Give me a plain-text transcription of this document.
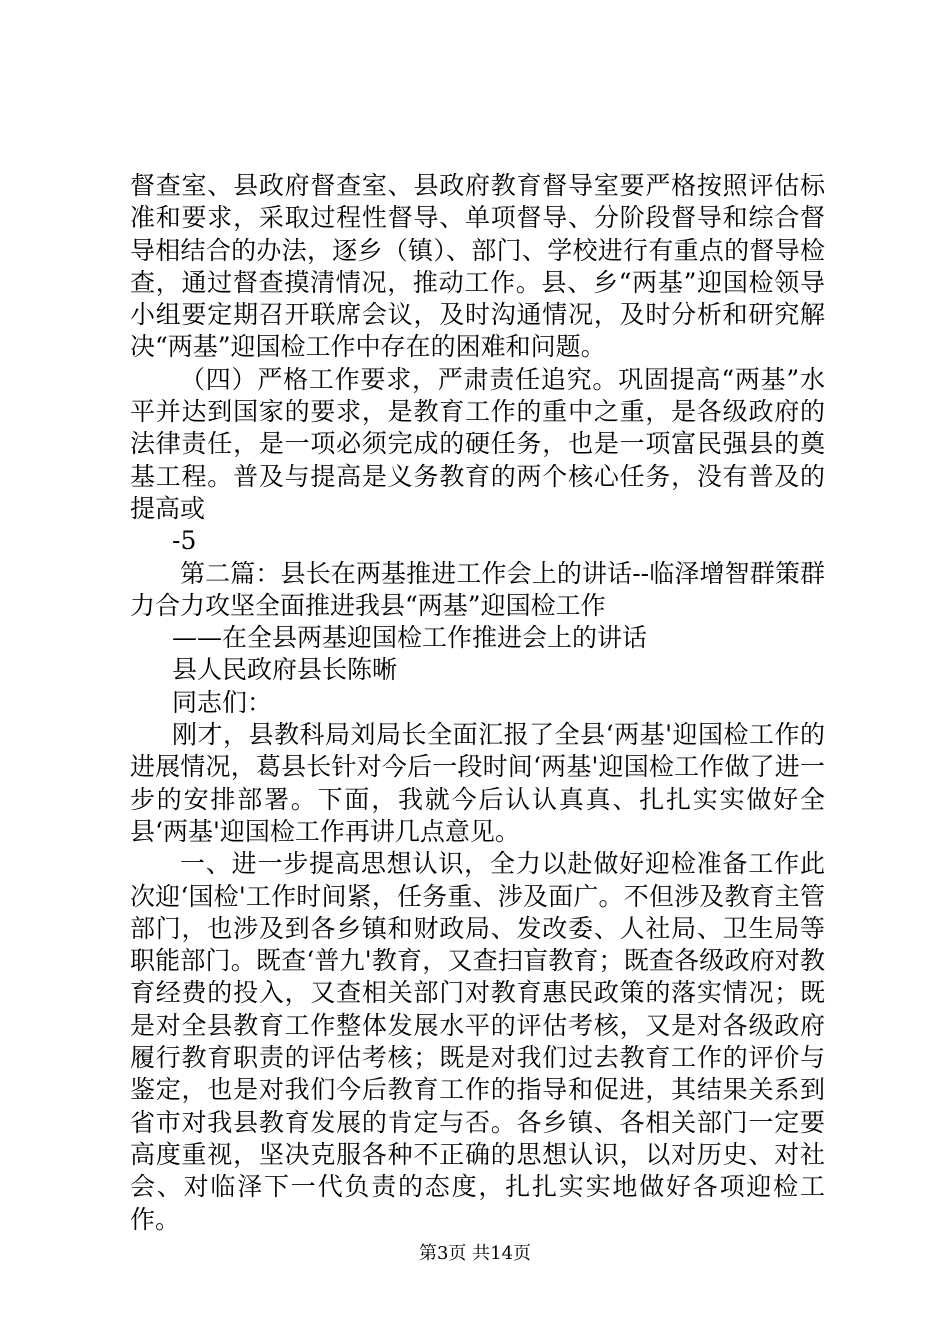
督查室、县政府督查室、县政府教育督导室要严格按照评估标准和要求，采取过程性督导、单项督导、分阶段督导和综合督导相结合的办法，逐乡（镇）、部门、学校进行有重点的督导检查，通过督查摸清情况，推动工作。县、乡“两基”迎国检领导小组要定期召开联席会议，及时沟通情况，及时分析和研究解决“两基”迎国检工作中存在的困难和问题。

（四）严格工作要求，严肃责任追究。巩固提高“两基”水平并达到国家的要求，是教育工作的重中之重，是各级政府的法律责任，是一项必须完成的硬任务，也是一项富民强县的奠基工程。普及与提高是义务教育的两个核心任务，没有普及的提高或

-5

第二篇：县长在两基推进工作会上的讲话--临泽增智群策群力合力攻坚全面推进我县“两基”迎国检工作

——在全县两基迎国检工作推进会上的讲话

县人民政府县长陈晰

同志们：

刚才，县教科局刘局长全面汇报了全县‘两基'迎国检工作的进展情况，葛县长针对今后一段时间‘两基'迎国检工作做了进一步的安排部署。下面，我就今后认认真真、扎扎实实做好全县‘两基'迎国检工作再讲几点意见。

一、进一步提高思想认识，全力以赴做好迎检准备工作此次迎‘国检'工作时间紧，任务重、涉及面广。不但涉及教育主管部门，也涉及到各乡镇和财政局、发改委、人社局、卫生局等职能部门。既查‘普九'教育，又查扫盲教育；既查各级政府对教育经费的投入，又查相关部门对教育惠民政策的落实情况；既是对全县教育工作整体发展水平的评估考核，又是对各级政府履行教育职责的评估考核；既是对我们过去教育工作的评价与鉴定，也是对我们今后教育工作的指导和促进，其结果关系到省市对我县教育发展的肯定与否。各乡镇、各相关部门一定要高度重视，坚决克服各种不正确的思想认识，以对历史、对社会、对临泽下一代负责的态度，扎扎实实地做好各项迎检工作。

第3页 共14页
